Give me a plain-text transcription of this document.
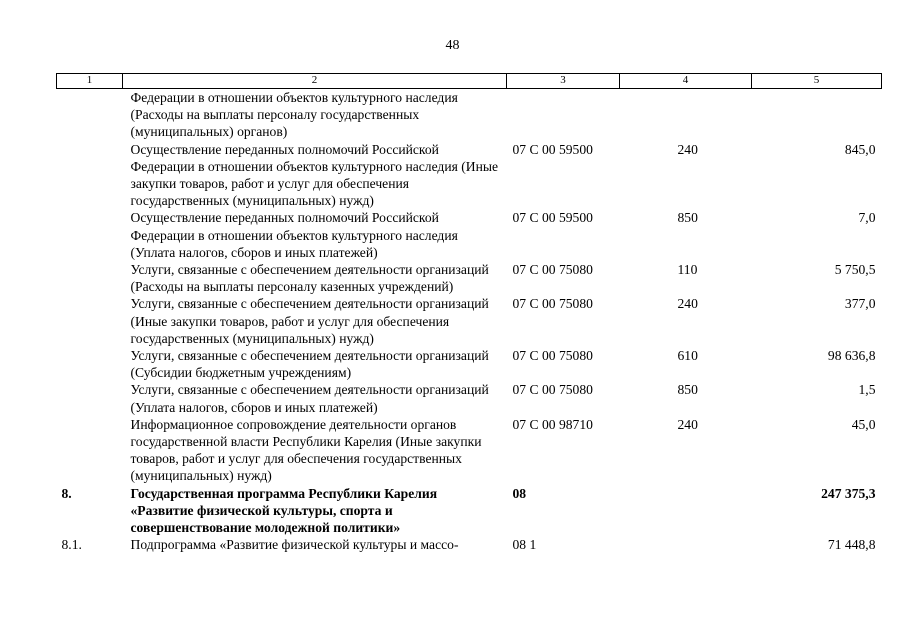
48
1	2	3	4	5
	Федерации в отношении объектов культурного наследия (Расходы на выплаты персоналу государственных (муниципальных) органов)			
	Осуществление переданных полномочий Российской Федерации в отношении объектов культурного наследия (Иные закупки товаров, работ и услуг для обеспечения государственных (муниципальных) нужд)	07 С 00 59500	240	845,0
	Осуществление переданных полномочий Российской Федерации в отношении объектов культурного наследия (Уплата налогов, сборов и иных платежей)	07 С 00 59500	850	7,0
	Услуги, связанные с обеспечением деятельности организаций (Расходы на выплаты персоналу казенных учреждений)	07 С 00 75080	110	5 750,5
	Услуги, связанные с обеспечением деятельности организаций (Иные закупки товаров, работ и услуг для обеспечения государственных (муниципальных) нужд)	07 С 00 75080	240	377,0
	Услуги, связанные с обеспечением деятельности организаций (Субсидии бюджетным учреждениям)	07 С 00 75080	610	98 636,8
	Услуги, связанные с обеспечением деятельности организаций (Уплата налогов, сборов и иных платежей)	07 С 00 75080	850	1,5
	Информационное сопровождение деятельности органов государственной власти Республики Карелия (Иные закупки товаров, работ и услуг для обеспечения государственных (муниципальных) нужд)	07 С 00 98710	240	45,0
8.	Государственная программа Республики Карелия «Развитие физической культуры, спорта и совершенствование молодежной политики»	08		247 375,3
8.1.	Подпрограмма «Развитие физической культуры и массо-	08 1		71 448,8
